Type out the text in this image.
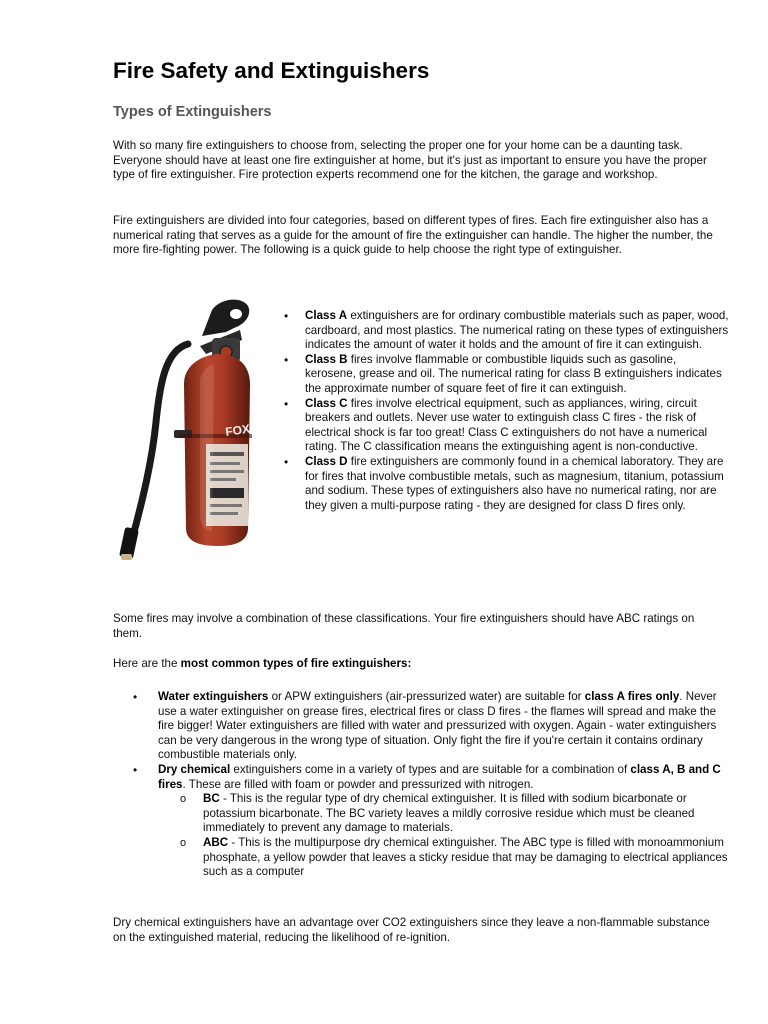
Fire Safety and Extinguishers
Types of Extinguishers

With so many fire extinguishers to choose from, selecting the proper one for your home can be a daunting task. Everyone should have at least one fire extinguisher at home, but it's just as important to ensure you have the proper type of fire extinguisher. Fire protection experts recommend one for the kitchen, the garage and workshop.

Fire extinguishers are divided into four categories, based on different types of fires. Each fire extinguisher also has a numerical rating that serves as a guide for the amount of fire the extinguisher can handle. The higher the number, the more fire-fighting power. The following is a quick guide to help choose the right type of extinguisher.

FOX
• Class A extinguishers are for ordinary combustible materials such as paper, wood, cardboard, and most plastics. The numerical rating on these types of extinguishers indicates the amount of water it holds and the amount of fire it can extinguish.
• Class B fires involve flammable or combustible liquids such as gasoline, kerosene, grease and oil. The numerical rating for class B extinguishers indicates the approximate number of square feet of fire it can extinguish.
• Class C fires involve electrical equipment, such as appliances, wiring, circuit breakers and outlets. Never use water to extinguish class C fires - the risk of electrical shock is far too great! Class C extinguishers do not have a numerical rating. The C classification means the extinguishing agent is non-conductive.
• Class D fire extinguishers are commonly found in a chemical laboratory. They are for fires that involve combustible metals, such as magnesium, titanium, potassium and sodium. These types of extinguishers also have no numerical rating, nor are they given a multi-purpose rating - they are designed for class D fires only.

Some fires may involve a combination of these classifications. Your fire extinguishers should have ABC ratings on them.

Here are the most common types of fire extinguishers:

• Water extinguishers or APW extinguishers (air-pressurized water) are suitable for class A fires only. Never use a water extinguisher on grease fires, electrical fires or class D fires - the flames will spread and make the fire bigger! Water extinguishers are filled with water and pressurized with oxygen. Again - water extinguishers can be very dangerous in the wrong type of situation. Only fight the fire if you're certain it contains ordinary combustible materials only.
• Dry chemical extinguishers come in a variety of types and are suitable for a combination of class A, B and C fires. These are filled with foam or powder and pressurized with nitrogen.
o BC - This is the regular type of dry chemical extinguisher. It is filled with sodium bicarbonate or potassium bicarbonate. The BC variety leaves a mildly corrosive residue which must be cleaned immediately to prevent any damage to materials.
o ABC - This is the multipurpose dry chemical extinguisher. The ABC type is filled with monoammonium phosphate, a yellow powder that leaves a sticky residue that may be damaging to electrical appliances such as a computer

Dry chemical extinguishers have an advantage over CO2 extinguishers since they leave a non-flammable substance on the extinguished material, reducing the likelihood of re-ignition.
